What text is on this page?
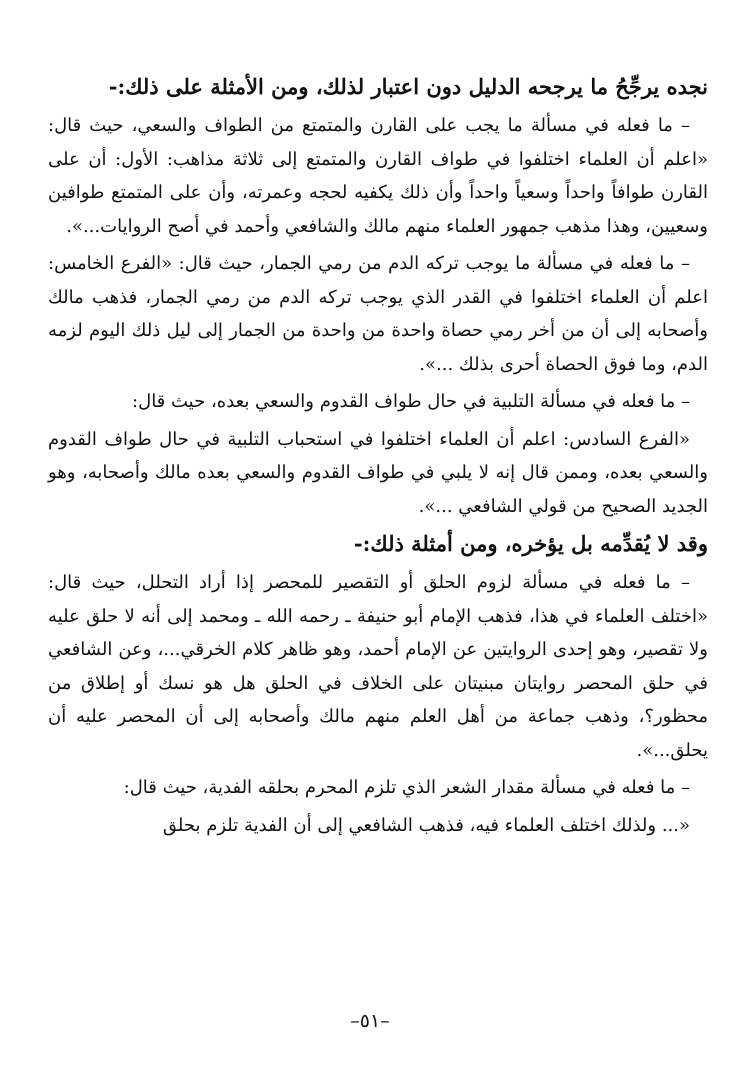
نجده يرجِّحُ ما يرجحه الدليل دون اعتبار لذلك، ومن الأمثلة على ذلك:-

– ما فعله في مسألة ما يجب على القارن والمتمتع من الطواف والسعي، حيث قال: «اعلم أن العلماء اختلفوا في طواف القارن والمتمتع إلى ثلاثة مذاهب: الأول: أن على القارن طوافاً واحداً وسعياً واحداً وأن ذلك يكفيه لحجه وعمرته، وأن على المتمتع طوافين وسعيين، وهذا مذهب جمهور العلماء منهم مالك والشافعي وأحمد في أصح الروايات...».

– ما فعله في مسألة ما يوجب تركه الدم من رمي الجمار، حيث قال: «الفرع الخامس: اعلم أن العلماء اختلفوا في القدر الذي يوجب تركه الدم من رمي الجمار، فذهب مالك وأصحابه إلى أن من أخر رمي حصاة واحدة من واحدة من الجمار إلى ليل ذلك اليوم لزمه الدم، وما فوق الحصاة أحرى بذلك ...».

– ما فعله في مسألة التلبية في حال طواف القدوم والسعي بعده، حيث قال:

«الفرع السادس: اعلم أن العلماء اختلفوا في استحباب التلبية في حال طواف القدوم والسعي بعده، وممن قال إنه لا يلبي في طواف القدوم والسعي بعده مالك وأصحابه، وهو الجديد الصحيح من قولي الشافعي ...».

وقد لا يُقدِّمه بل يؤخره، ومن أمثلة ذلك:-

– ما فعله في مسألة لزوم الحلق أو التقصير للمحصر إذا أراد التحلل، حيث قال: «اختلف العلماء في هذا، فذهب الإمام أبو حنيفة ـ رحمه الله ـ ومحمد إلى أنه لا حلق عليه ولا تقصير، وهو إحدى الروايتين عن الإمام أحمد، وهو ظاهر كلام الخرقي...، وعن الشافعي في حلق المحصر روايتان مبنيتان على الخلاف في الحلق هل هو نسك أو إطلاق من محظور؟، وذهب جماعة من أهل العلم منهم مالك وأصحابه إلى أن المحصر عليه أن يحلق...».

– ما فعله في مسألة مقدار الشعر الذي تلزم المحرم بحلقه الفدية، حيث قال:

«... ولذلك اختلف العلماء فيه، فذهب الشافعي إلى أن الفدية تلزم بحلق

–٥١–
